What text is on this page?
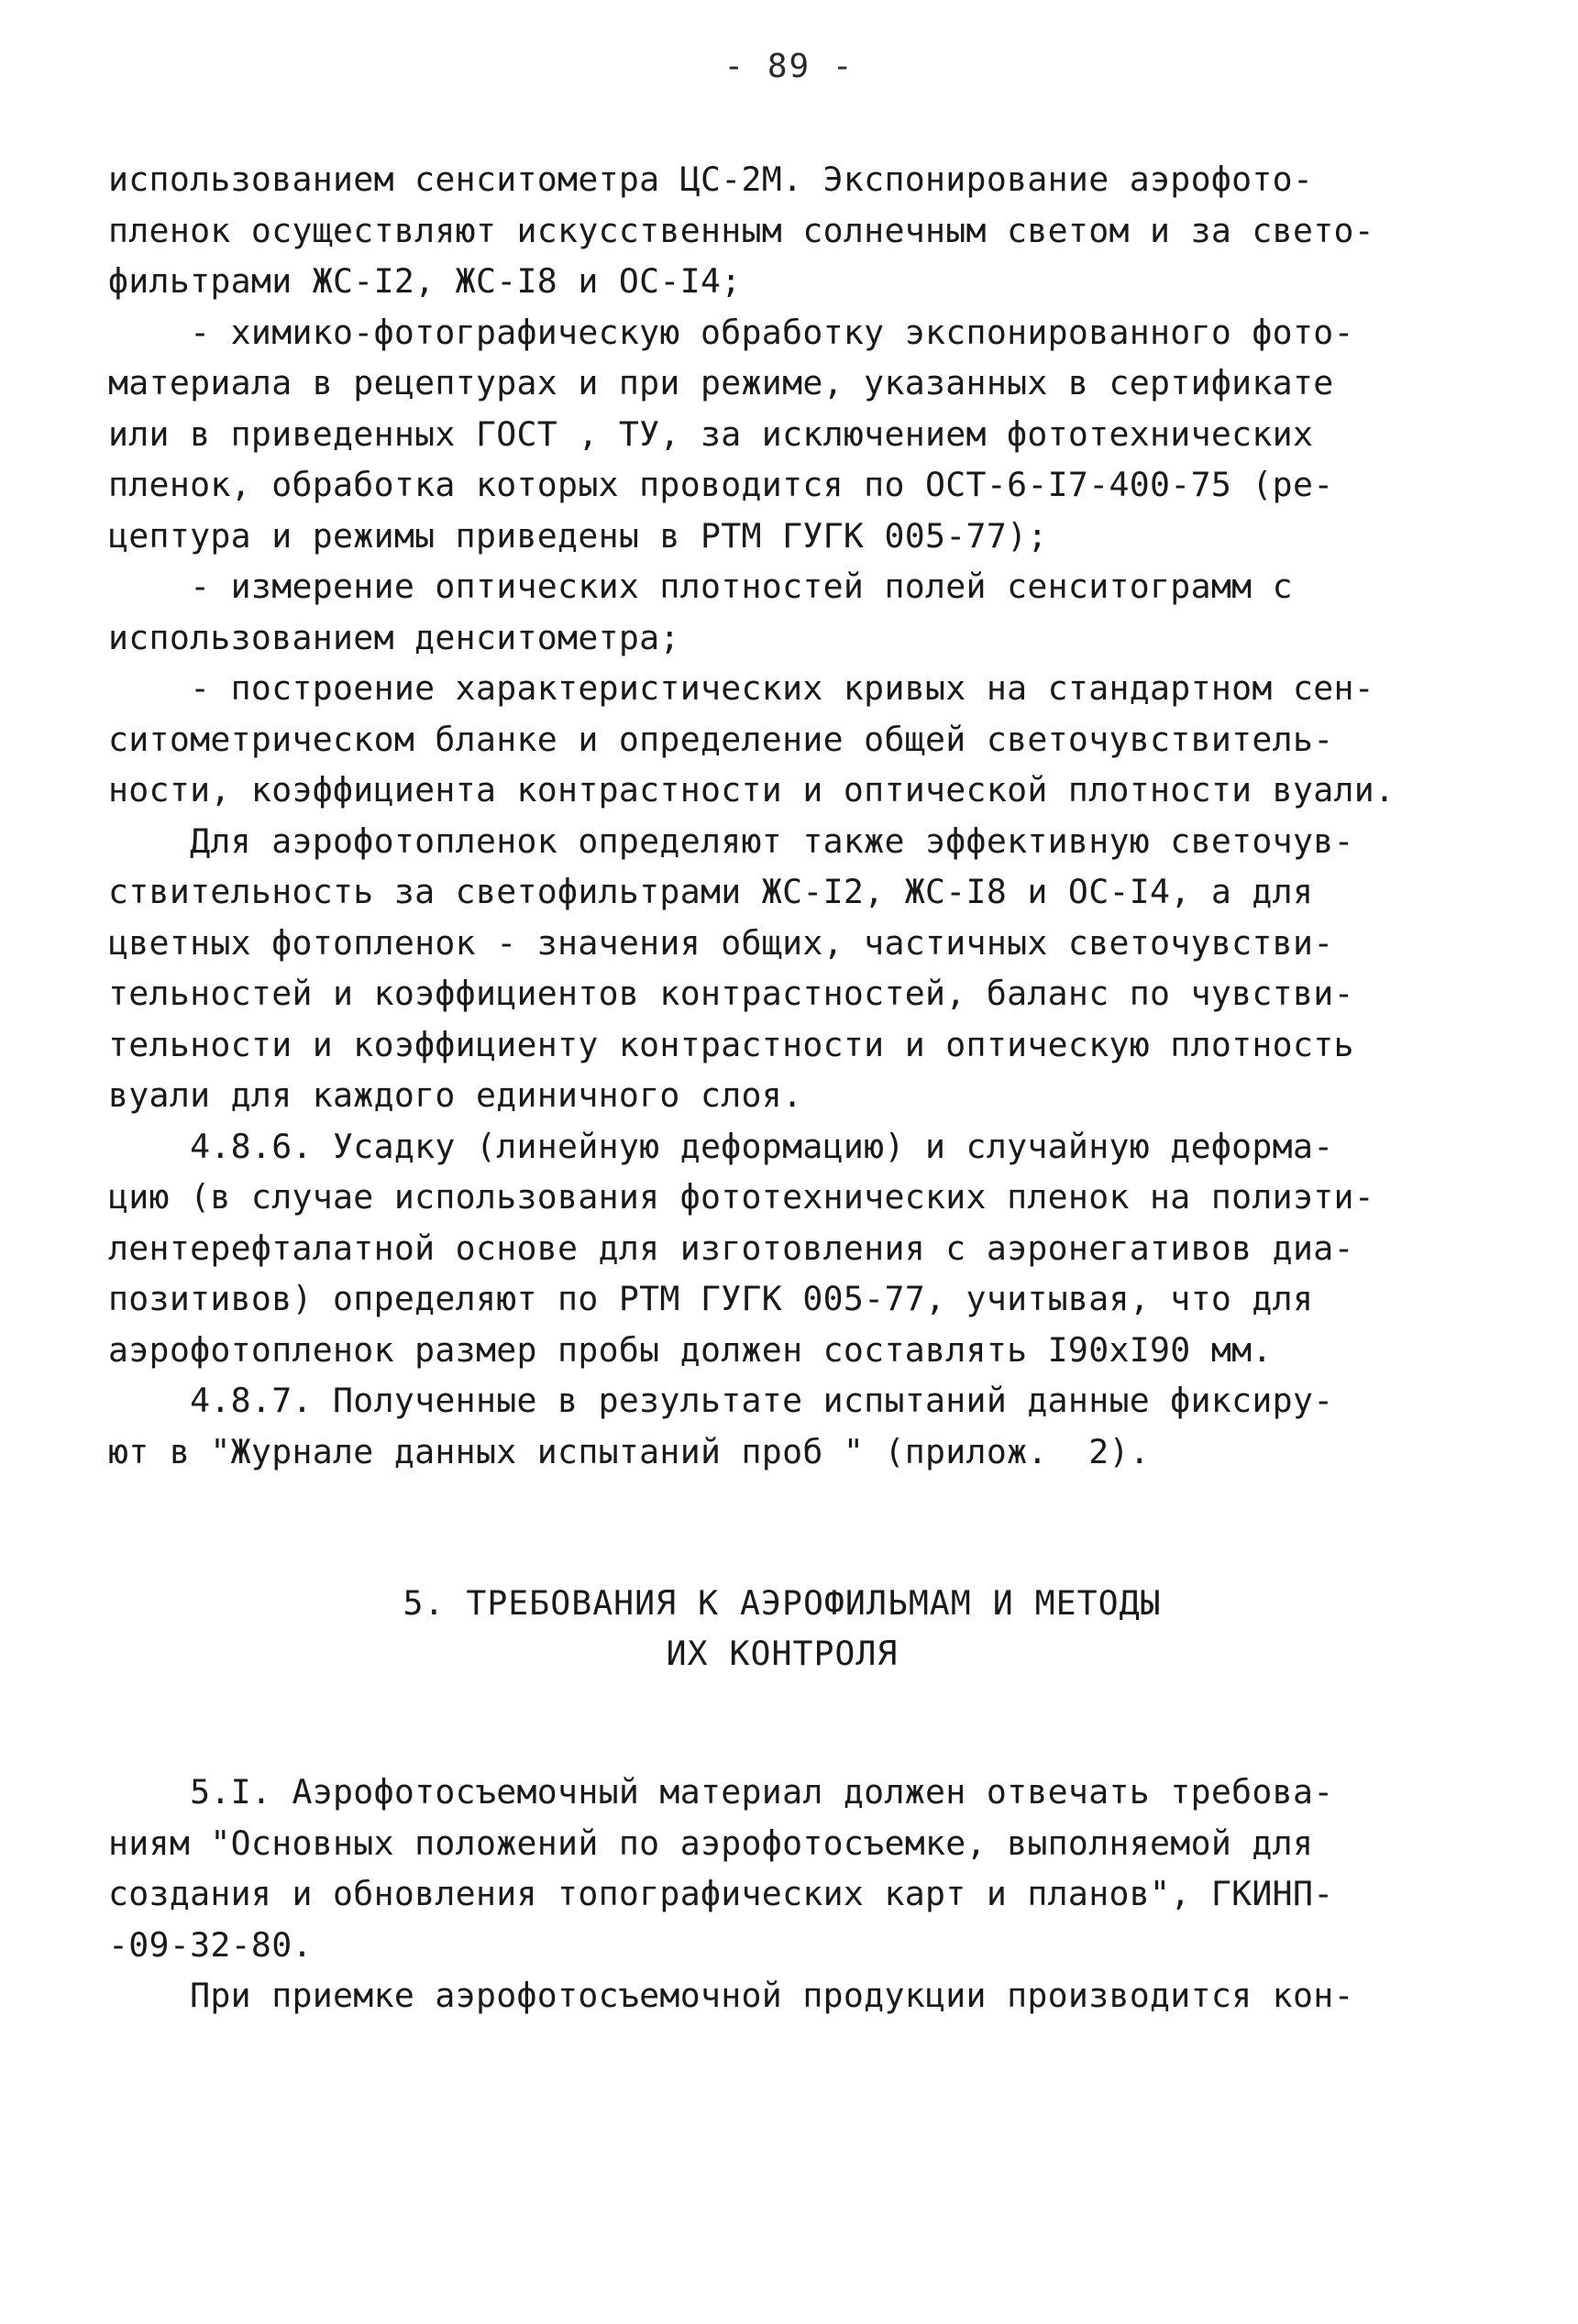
- 89 -
использованием сенситометра ЦС-2М. Экспонирование аэрофото-
пленок осуществляют искусственным солнечным светом и за свето-
фильтрами ЖС-I2, ЖС-I8 и ОС-I4;
- химико-фотографическую обработку экспонированного фото-
материала в рецептурах и при режиме, указанных в сертификате
или в приведенных ГОСТ , ТУ, за исключением фототехнических
пленок, обработка которых проводится по ОСТ-6-I7-400-75 (ре-
цептура и режимы приведены в РТМ ГУГК 005-77);
- измерение оптических плотностей полей сенситограмм с
использованием денситометра;
- построение характеристических кривых на стандартном сен-
ситометрическом бланке и определение общей светочувствитель-
ности, коэффициента контрастности и оптической плотности вуали.
Для аэрофотопленок определяют также эффективную светочув-
ствительность за светофильтрами ЖС-I2, ЖС-I8 и ОС-I4, а для
цветных фотопленок - значения общих, частичных светочувстви-
тельностей и коэффициентов контрастностей, баланс по чувстви-
тельности и коэффициенту контрастности и оптическую плотность
вуали для каждого единичного слоя.
4.8.6. Усадку (линейную деформацию) и случайную деформа-
цию (в случае использования фототехнических пленок на полиэти-
лентерефталатной основе для изготовления с аэронегативов диа-
позитивов) определяют по РТМ ГУГК 005-77, учитывая, что для
аэрофотопленок размер пробы должен составлять I90хI90 мм.
4.8.7. Полученные в результате испытаний данные фиксиру-
ют в "Журнале данных испытаний проб " (прилож.  2).
5. ТРЕБОВАНИЯ К АЭРОФИЛЬМАМ И МЕТОДЫ
ИХ КОНТРОЛЯ
5.I. Аэрофотосъемочный материал должен отвечать требова-
ниям "Основных положений по аэрофотосъемке, выполняемой для
создания и обновления топографических карт и планов", ГКИНП-
-09-32-80.
При приемке аэрофотосъемочной продукции производится кон-
